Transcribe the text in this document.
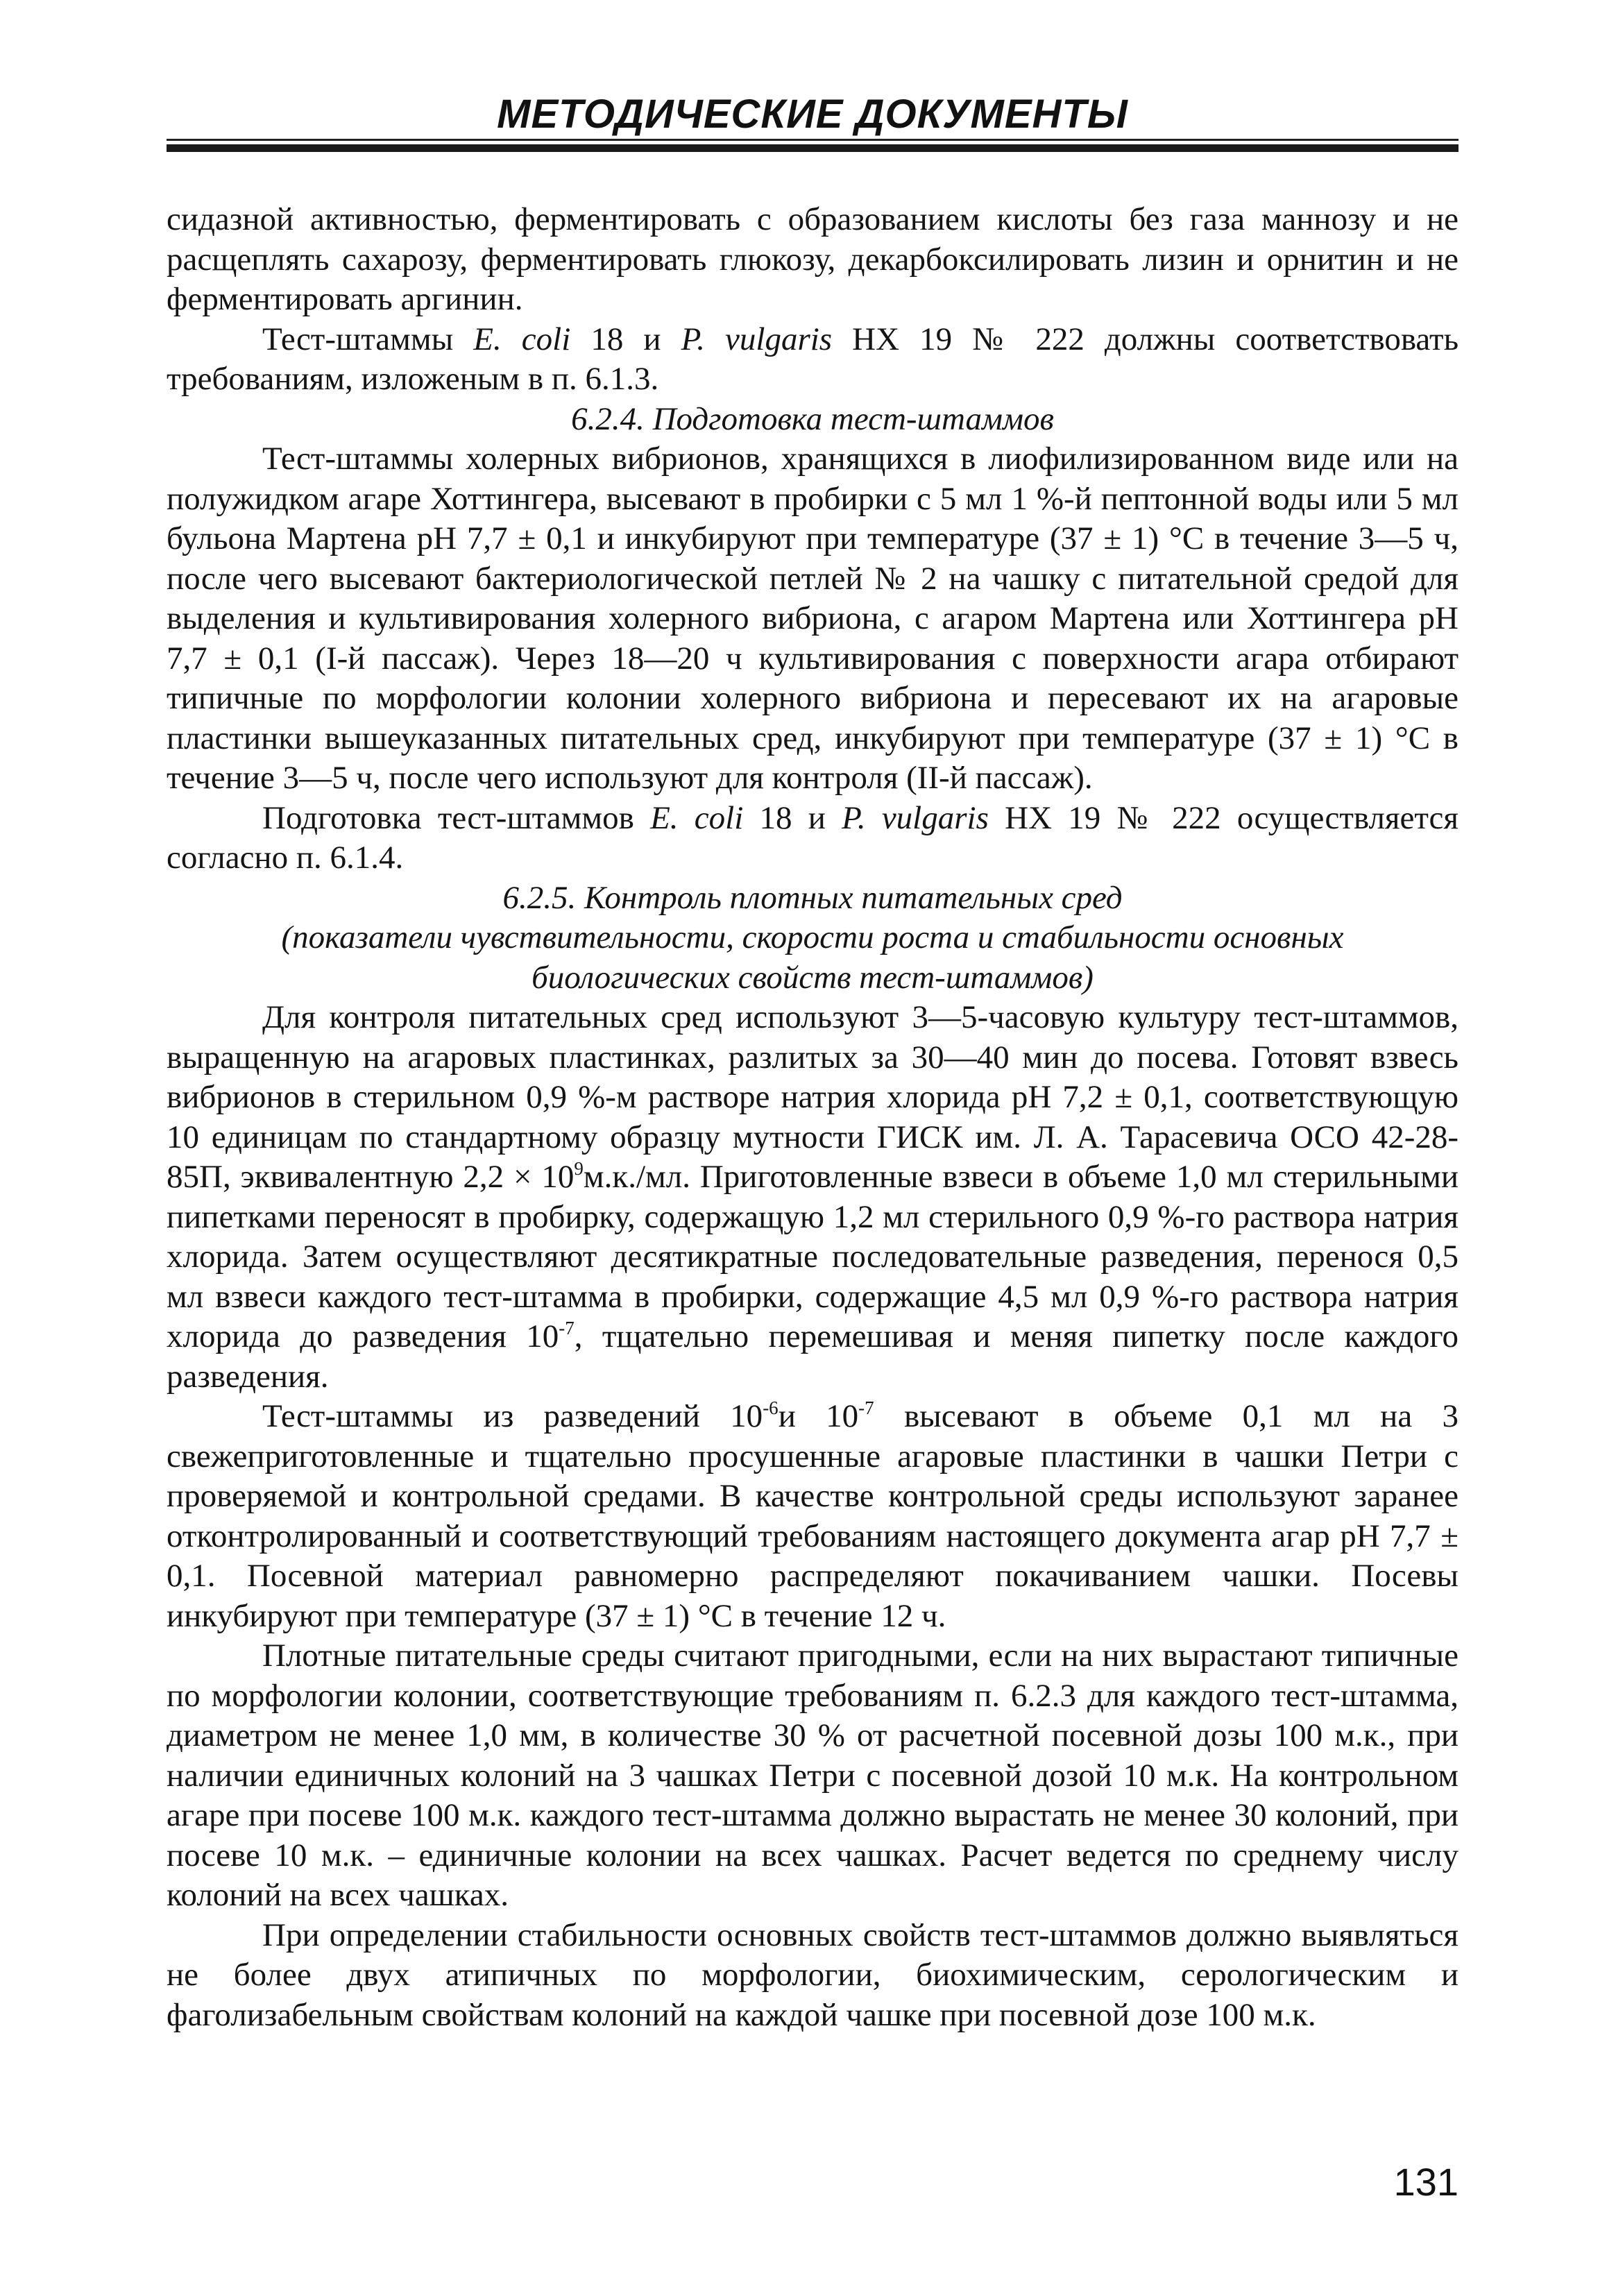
МЕТОДИЧЕСКИЕ ДОКУМЕНТЫ

сидазной активностью, ферментировать с образованием кислоты без газа маннозу и не расщеплять сахарозу, ферментировать глюкозу, декарбоксилировать лизин и орнитин и не ферментировать аргинин.

Тест-штаммы E. coli 18 и P. vulgaris НХ 19 № 222 должны соответствовать требованиям, изложеным в п. 6.1.3.

6.2.4. Подготовка тест-штаммов

Тест-штаммы холерных вибрионов, хранящихся в лиофилизированном виде или на полужидком агаре Хоттингера, высевают в пробирки с 5 мл 1 %-й пептонной воды или 5 мл бульона Мартена рН 7,7 ± 0,1 и инкубируют при температуре (37 ± 1) °С в течение 3—5 ч, после чего высевают бактериологической петлей № 2 на чашку с питательной средой для выделения и культивирования холерного вибриона, с агаром Мартена или Хоттингера рН 7,7 ± 0,1 (I-й пассаж). Через 18—20 ч культивирования с поверхности агара отбирают типичные по морфологии колонии холерного вибриона и пересевают их на агаровые пластинки вышеуказанных питательных сред, инкубируют при температуре (37 ± 1) °С в течение 3—5 ч, после чего используют для контроля (II-й пассаж).

Подготовка тест-штаммов E. coli 18 и P. vulgaris НХ 19 № 222 осуществляется согласно п. 6.1.4.

6.2.5. Контроль плотных питательных сред
(показатели чувствительности, скорости роста и стабильности основных
биологических свойств тест-штаммов)

Для контроля питательных сред используют 3—5-часовую культуру тест-штаммов, выращенную на агаровых пластинках, разлитых за 30—40 мин до посева. Готовят взвесь вибрионов в стерильном 0,9 %-м растворе натрия хлорида рН 7,2 ± 0,1, соответствующую 10 единицам по стандартному образцу мутности ГИСК им. Л. А. Тарасевича ОСО 42-28-85П, эквивалентную $2,2 \times 10^9м.к./мл$. Приготовленные взвеси в объеме 1,0 мл стерильными пипетками переносят в пробирку, содержащую 1,2 мл стерильного 0,9 %-го раствора натрия хлорида. Затем осуществляют десятикратные последовательные разведения, перенося 0,5 мл взвеси каждого тест-штамма в пробирки, содержащие 4,5 мл 0,9 %-го раствора натрия хлорида до разведения $10^{-7}$, тщательно перемешивая и меняя пипетку после каждого разведения.

Тест-штаммы из разведений $10^{-6}и$ $10^{-7}$ высевают в объеме 0,1 мл на 3 свежеприготовленные и тщательно просушенные агаровые пластинки в чашки Петри с проверяемой и контрольной средами. В качестве контрольной среды используют заранее отконтролированный и соответствующий требованиям настоящего документа агар рН 7,7 ± 0,1. Посевной материал равномерно распределяют покачиванием чашки. Посевы инкубируют при температуре (37 ± 1) °С в течение 12 ч.

Плотные питательные среды считают пригодными, если на них вырастают типичные по морфологии колонии, соответствующие требованиям п. 6.2.3 для каждого тест-штамма, диаметром не менее 1,0 мм, в количестве 30 % от расчетной посевной дозы 100 м.к., при наличии единичных колоний на 3 чашках Петри с посевной дозой 10 м.к. На контрольном агаре при посеве 100 м.к. каждого тест-штамма должно вырастать не менее 30 колоний, при посеве 10 м.к. – единичные колонии на всех чашках. Расчет ведется по среднему числу колоний на всех чашках.

При определении стабильности основных свойств тест-штаммов должно выявляться не более двух атипичных по морфологии, биохимическим, серологическим и фаголизабельным свойствам колоний на каждой чашке при посевной дозе 100 м.к.

131
